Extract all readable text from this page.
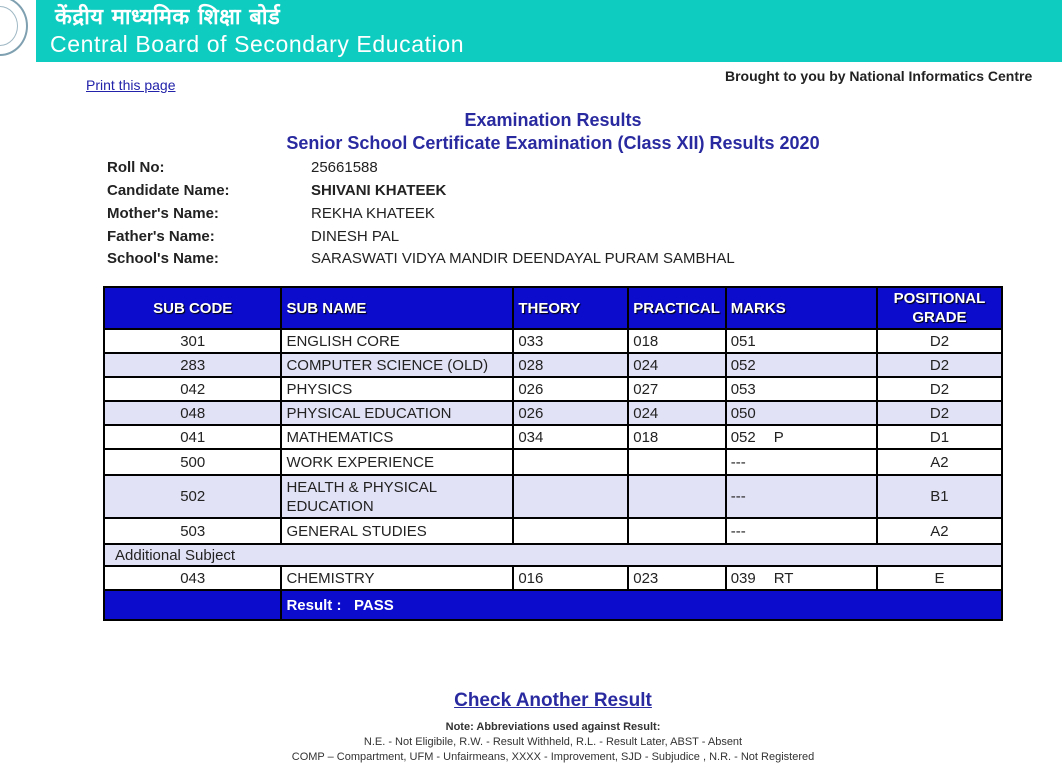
केंद्रीय माध्यमिक शिक्षा बोर्ड
Central Board of Secondary Education
Print this page
Brought to you by National Informatics Centre
Examination Results
Senior School Certificate Examination (Class XII) Results 2020
Roll No:	25661588
Candidate Name:	SHIVANI KHATEEK
Mother's Name:	REKHA KHATEEK
Father's Name:	DINESH PAL
School's Name:	SARASWATI VIDYA MANDIR DEENDAYAL PURAM SAMBHAL
SUB CODE	SUB NAME	THEORY	PRACTICAL	MARKS	POSITIONAL GRADE
301	ENGLISH CORE	033	018	051	D2
283	COMPUTER SCIENCE (OLD)	028	024	052	D2
042	PHYSICS	026	027	053	D2
048	PHYSICAL EDUCATION	026	024	050	D2
041	MATHEMATICS	034	018	052 P	D1
500	WORK EXPERIENCE			---	A2
502	HEALTH & PHYSICAL EDUCATION			---	B1
503	GENERAL STUDIES			---	A2
Additional Subject					
043	CHEMISTRY	016	023	039 RT	E
	Result : PASS				
Check Another Result
Note: Abbreviations used against Result:
N.E. - Not Eligibile, R.W. - Result Withheld, R.L. - Result Later, ABST - Absent
COMP – Compartment, UFM - Unfairmeans, XXXX - Improvement, SJD - Subjudice , N.R. - Not Registered
